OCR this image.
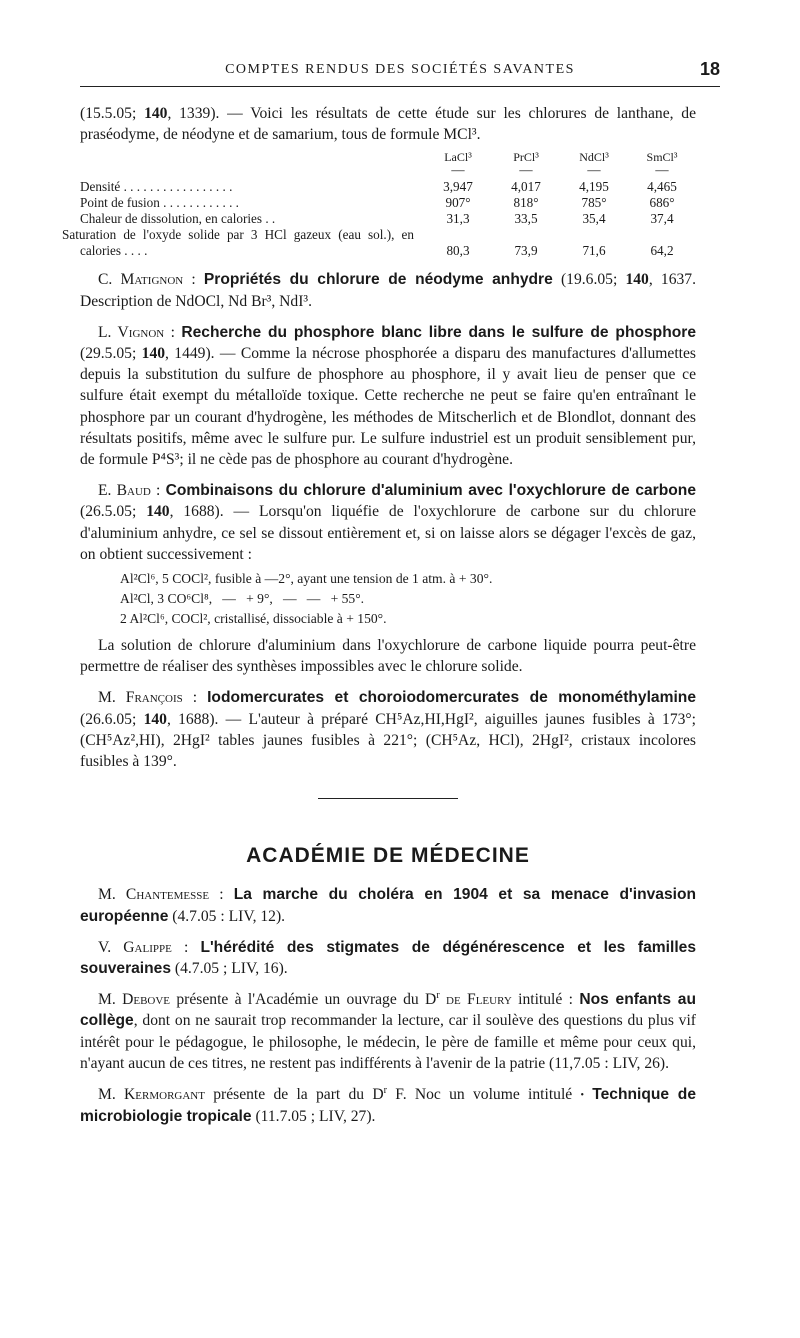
COMPTES RENDUS DES SOCIÉTÉS SAVANTES	18

(15.5.05; 140, 1339). — Voici les résultats de cette étude sur les chlorures de lanthane, de praséodyme, de néodyne et de samarium, tous de formule MCl³.

	LaCl³	PrCl³	NdCl³	SmCl³
	—	—	—	—
Densité . . . . . . . . . . . . . . . . .	3,947	4,017	4,195	4,465
Point de fusion . . . . . . . . . . . .	907°	818°	785°	686°
Chaleur de dissolution, en calories . .	31,3	33,5	35,4	37,4
Saturation de l'oxyde solide par 3 HCl gazeux (eau sol.), en calories . . . .	80,3	73,9	71,6	64,2

C. Matignon : Propriétés du chlorure de néodyme anhydre (19.6.05; 140, 1637. Description de NdOCl, Nd Br³, NdI³.

L. Vignon : Recherche du phosphore blanc libre dans le sulfure de phosphore (29.5.05; 140, 1449). — Comme la nécrose phosphorée a disparu des manufactures d'allumettes depuis la substitution du sulfure de phosphore au phosphore, il y avait lieu de penser que ce sulfure était exempt du métalloïde toxique. Cette recherche ne peut se faire qu'en entraînant le phosphore par un courant d'hydrogène, les méthodes de Mitscherlich et de Blondlot, donnant des résultats positifs, même avec le sulfure pur. Le sulfure industriel est un produit sensiblement pur, de formule P⁴S³; il ne cède pas de phosphore au courant d'hydrogène.

E. Baud : Combinaisons du chlorure d'aluminium avec l'oxychlorure de carbone (26.5.05; 140, 1688). — Lorsqu'on liquéfie de l'oxychlorure de carbone sur du chlorure d'aluminium anhydre, ce sel se dissout entièrement et, si on laisse alors se dégager l'excès de gaz, on obtient successivement :

Al²Cl⁶, 5 COCl², fusible à —2°, ayant une tension de 1 atm. à + 30°.
Al²Cl, 3 CO⁶Cl⁸,   —   + 9°,   —   —   + 55°.
2 Al²Cl⁶, COCl², cristallisé, dissociable à + 150°.

La solution de chlorure d'aluminium dans l'oxychlorure de carbone liquide pourra peut-être permettre de réaliser des synthèses impossibles avec le chlorure solide.

M. François : Iodomercurates et choroiodomercurates de monométhylamine (26.6.05; 140, 1688). — L'auteur à préparé CH⁵Az,HI,HgI², aiguilles jaunes fusibles à 173°; (CH⁵Az²,HI), 2HgI² tables jaunes fusibles à 221°; (CH⁵Az, HCl), 2HgI², cristaux incolores fusibles à 139°.

ACADÉMIE DE MÉDECINE

M. Chantemesse : La marche du choléra en 1904 et sa menace d'invasion européenne (4.7.05 : LIV, 12).

V. Galippe : L'hérédité des stigmates de dégénérescence et les familles souveraines (4.7.05 ; LIV, 16).

M. Debove présente à l'Académie un ouvrage du $D^r$ de Fleury intitulé : Nos enfants au collège, dont on ne saurait trop recommander la lecture, car il soulève des questions du plus vif intérêt pour le pédagogue, le philosophe, le médecin, le père de famille et même pour ceux qui, n'ayant aucun de ces titres, ne restent pas indifférents à l'avenir de la patrie (11,7.05 : LIV, 26).

M. Kermorgant présente de la part du $D^r$ F. Noc un volume intitulé • Technique de microbiologie tropicale (11.7.05 ; LIV, 27).
